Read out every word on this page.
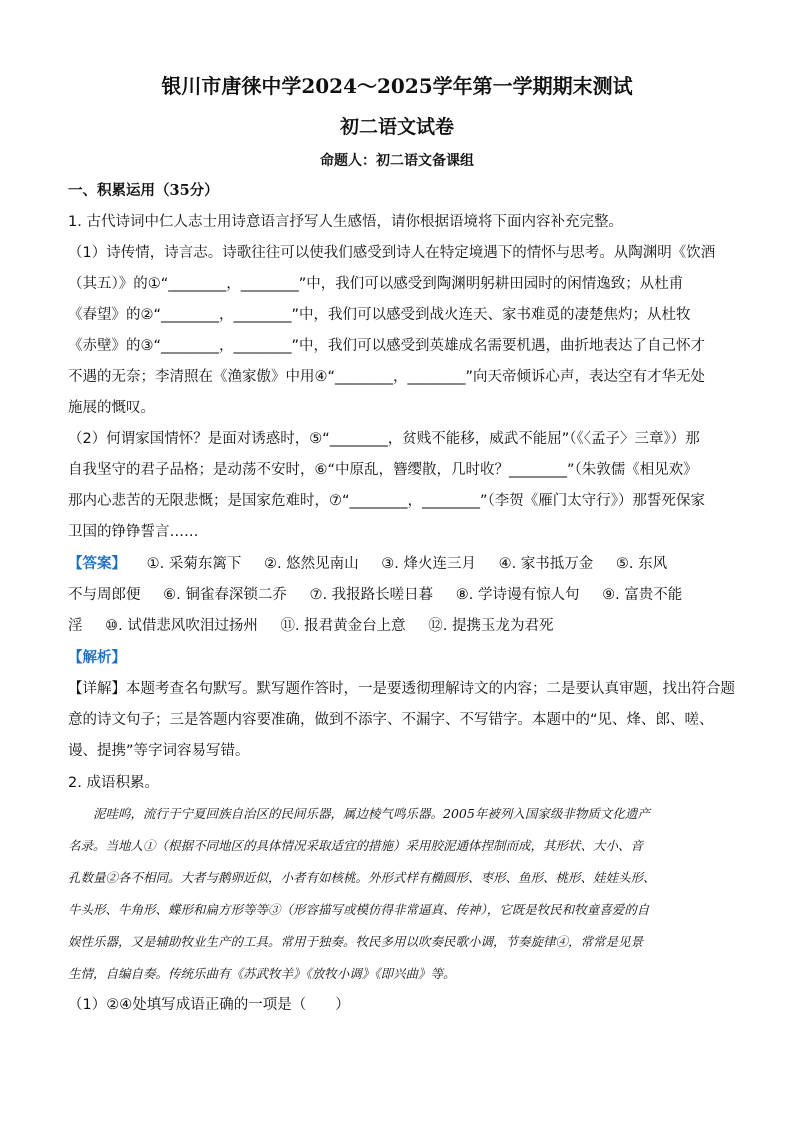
银川市唐徕中学2024～2025学年第一学期期末测试
初二语文试卷
命题人：初二语文备课组
一、积累运用（35分）
1. 古代诗词中仁人志士用诗意语言抒写人生感悟，请你根据语境将下面内容补充完整。
（1）诗传情，诗言志。诗歌往往可以使我们感受到诗人在特定境遇下的情怀与思考。从陶渊明《饮酒
（其五）》的①“________，________”中，我们可以感受到陶渊明躬耕田园时的闲情逸致；从杜甫
《春望》的②“________，________”中，我们可以感受到战火连天、家书难觅的凄楚焦灼；从杜牧
《赤壁》的③“________，________”中，我们可以感受到英雄成名需要机遇，曲折地表达了自己怀才
不遇的无奈；李清照在《渔家傲》中用④“________，________”向天帝倾诉心声，表达空有才华无处
施展的慨叹。
（2）何谓家国情怀？是面对诱惑时，⑤“________，贫贱不能移，威武不能屈”（《〈孟子〉三章》）那
自我坚守的君子品格；是动荡不安时，⑥“中原乱，簪缨散，几时收？________”（朱敦儒《相见欢》
那内心悲苦的无限悲慨；是国家危难时，⑦“________，________”（李贺《雁门太守行》）那誓死保家
卫国的铮铮誓言……
【答案】 ①. 采菊东篱下 ②. 悠然见南山 ③. 烽火连三月 ④. 家书抵万金 ⑤. 东风
不与周郎便 ⑥. 铜雀春深锁二乔 ⑦. 我报路长嗟日暮 ⑧. 学诗谩有惊人句 ⑨. 富贵不能
淫 ⑩. 试借悲风吹泪过扬州 ⑪. 报君黄金台上意 ⑫. 提携玉龙为君死
【解析】
【详解】本题考查名句默写。默写题作答时，一是要透彻理解诗文的内容；二是要认真审题，找出符合题
意的诗文句子；三是答题内容要准确，做到不添字、不漏字、不写错字。本题中的“见、烽、郎、嗟、
谩、提携”等字词容易写错。
2. 成语积累。
　　泥哇呜，流行于宁夏回族自治区的民间乐器，属边棱气鸣乐器。2005年被列入国家级非物质文化遗产
名录。当地人①（根据不同地区的具体情况采取适宜的措施）采用胶泥通体捏制而成，其形状、大小、音
孔数量②各不相同。大者与鹅卵近似，小者有如核桃。外形式样有椭圆形、枣形、鱼形、桃形、娃娃头形、
牛头形、牛角形、蝶形和扁方形等等③（形容描写或模仿得非常逼真、传神），它既是牧民和牧童喜爱的自
娱性乐器，又是辅助牧业生产的工具。常用于独奏。牧民多用以吹奏民歌小调，节奏旋律④，常常是见景
生情，自编自奏。传统乐曲有《苏武牧羊》《放牧小调》《即兴曲》等。
（1）②④处填写成语正确的一项是（　　）
